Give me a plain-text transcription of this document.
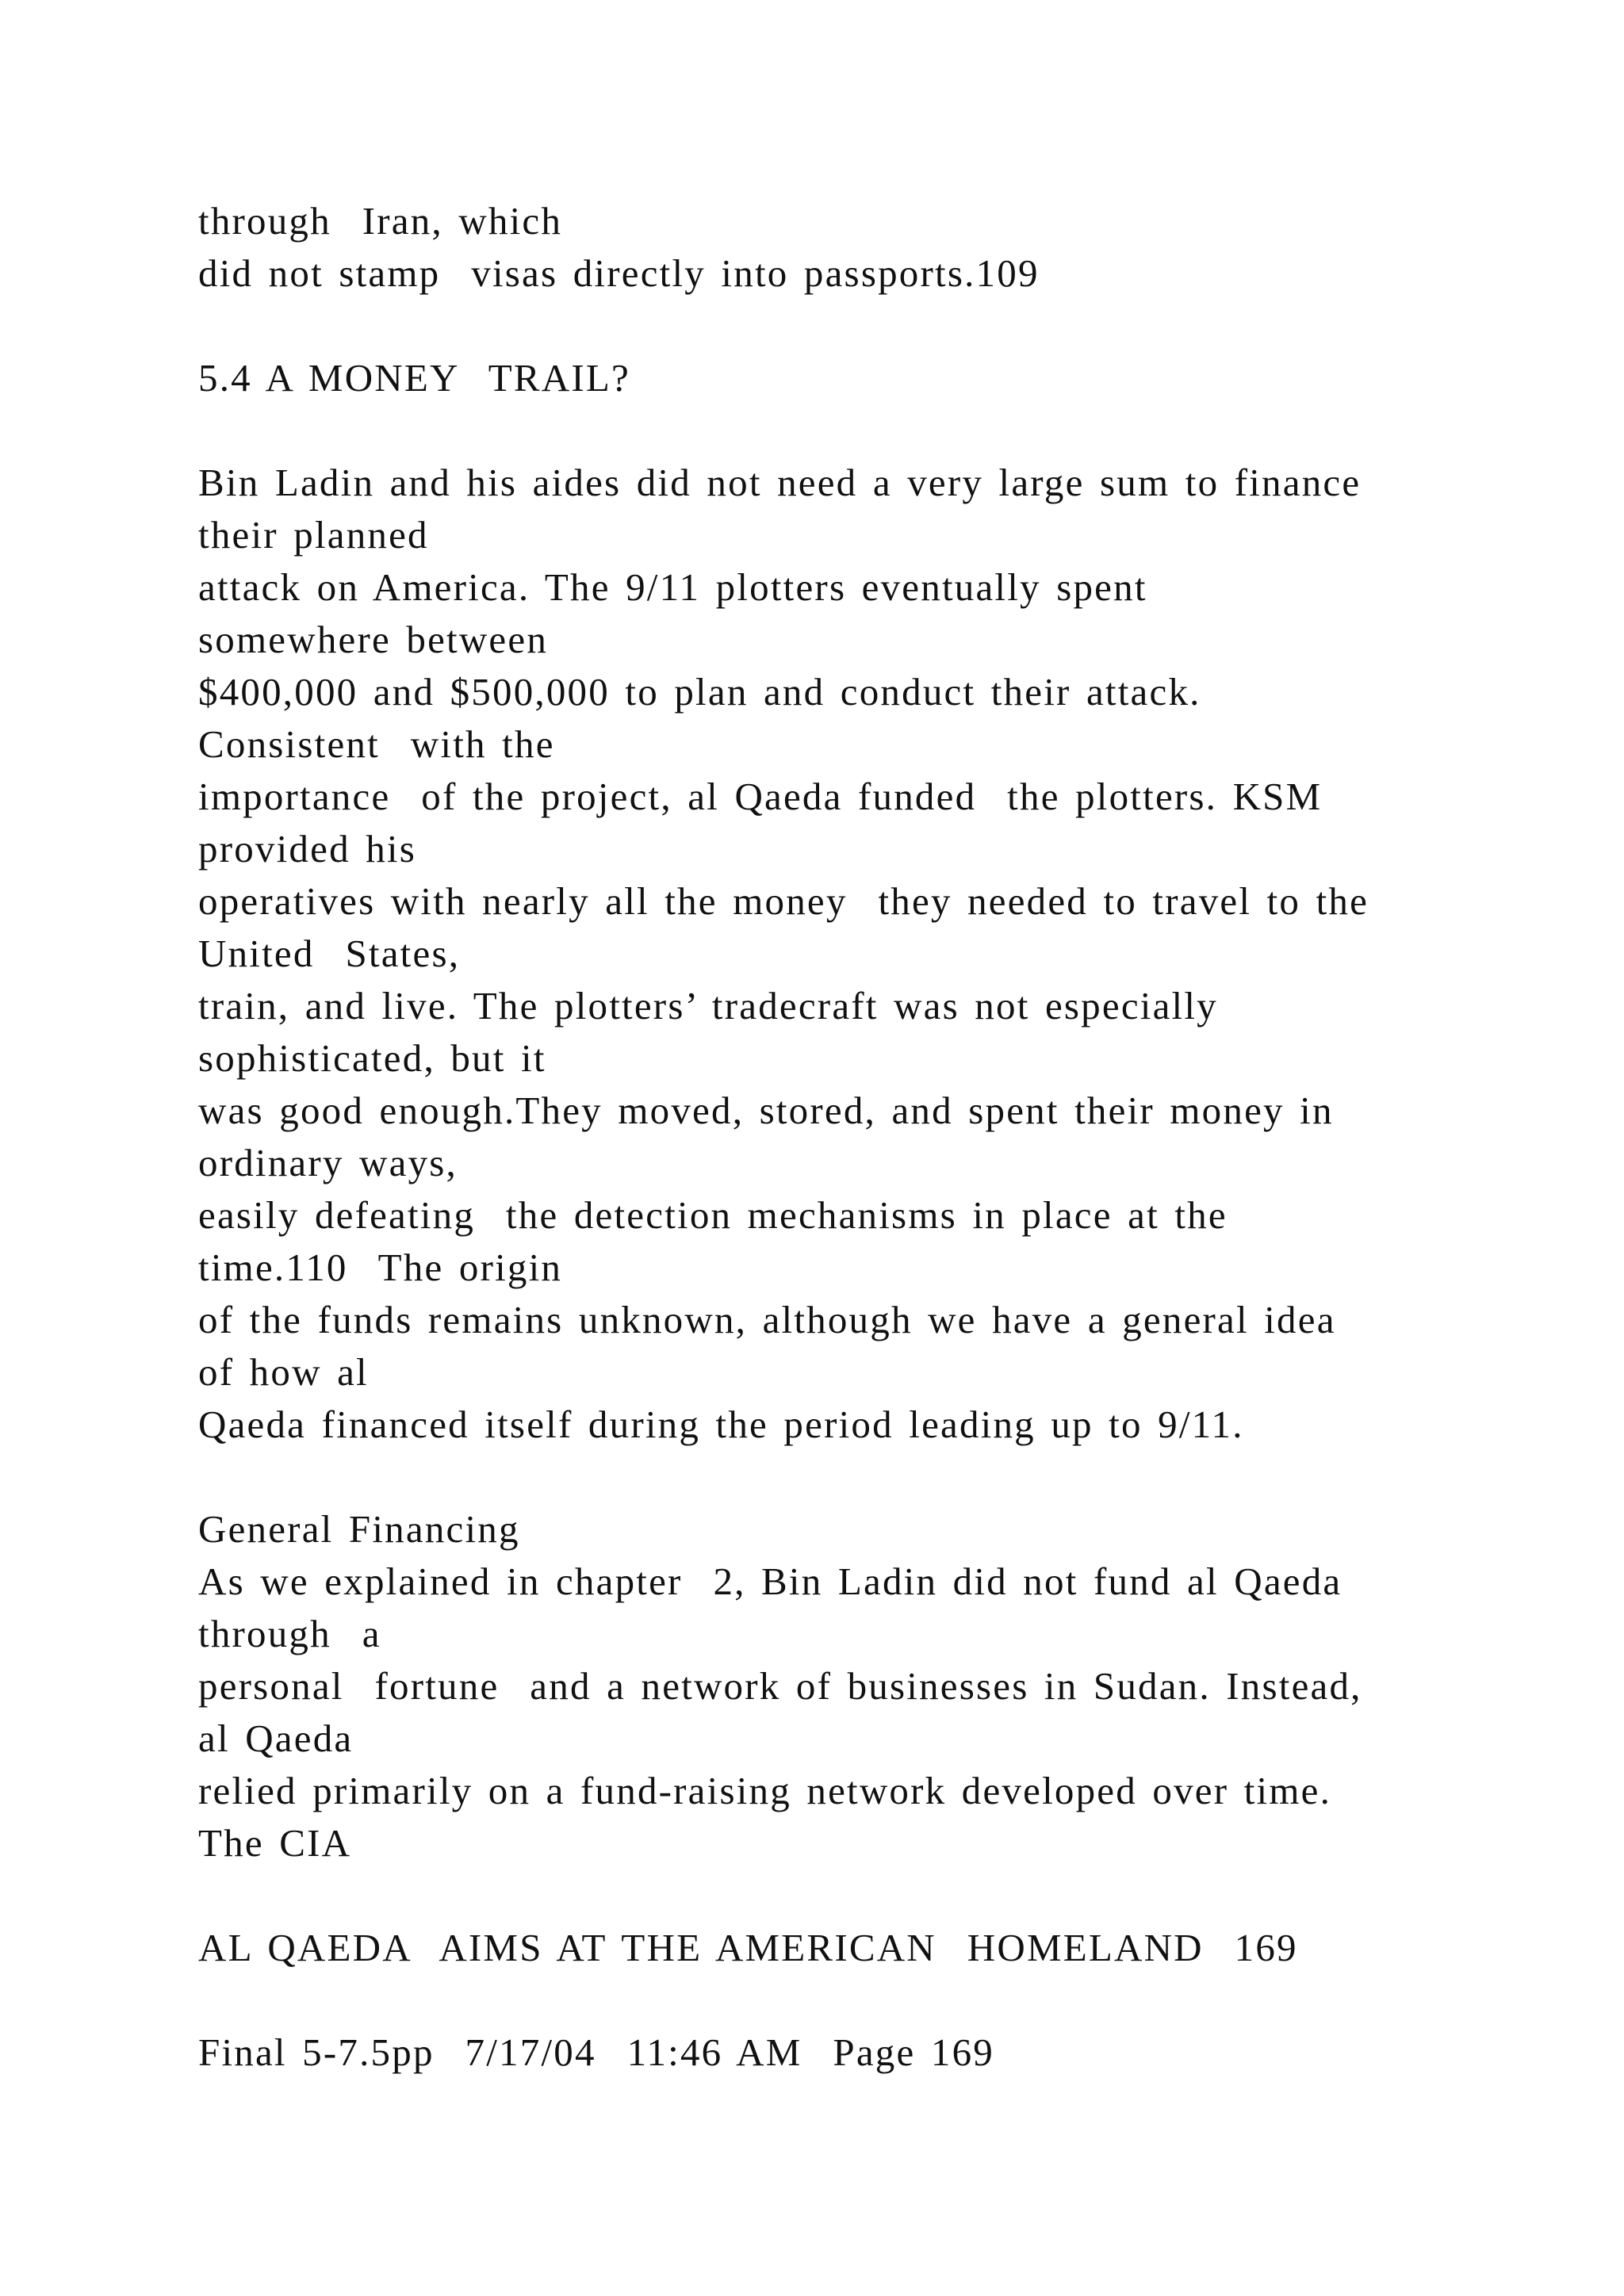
through  Iran, which

did not stamp  visas directly into passports.109

5.4 A MONEY  TRAIL?

Bin Ladin and his aides did not need a very large sum to finance

their planned

attack on America. The 9/11 plotters eventually spent

somewhere between

$400,000 and $500,000 to plan and conduct their attack.

Consistent  with the

importance  of the project, al Qaeda funded  the plotters. KSM

provided his

operatives with nearly all the money  they needed to travel to the

United  States,

train, and live. The plotters’ tradecraft was not especially

sophisticated, but it

was good enough.They moved, stored, and spent their money in

ordinary ways,

easily defeating  the detection mechanisms in place at the

time.110  The origin

of the funds remains unknown, although we have a general idea

of how al

Qaeda financed itself during the period leading up to 9/11.

General Financing

As we explained in chapter  2, Bin Ladin did not fund al Qaeda

through  a

personal  fortune  and a network of businesses in Sudan. Instead,

al Qaeda

relied primarily on a fund-raising network developed over time.

The CIA

AL QAEDA  AIMS AT THE AMERICAN  HOMELAND  169

Final 5-7.5pp  7/17/04  11:46 AM  Page 169
